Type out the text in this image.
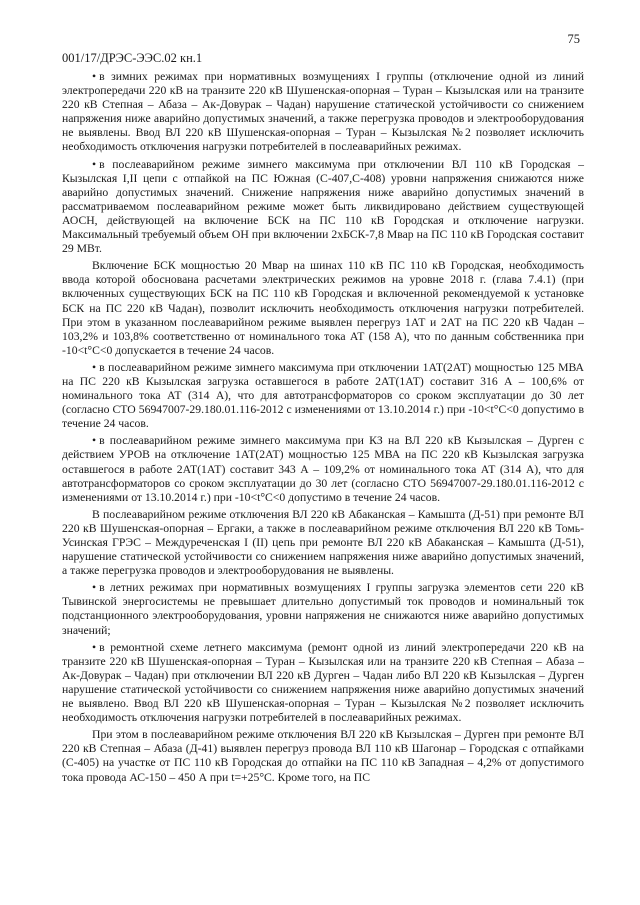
75
001/17/ДРЭС-ЭЭС.02 кн.1

• в зимних режимах при нормативных возмущениях I группы (отключение одной из линий электропередачи 220 кВ на транзите 220 кВ Шушенская-опорная – Туран – Кызылская или на транзите 220 кВ Степная – Абаза – Ак-Довурак – Чадан) нарушение статической устойчивости со снижением напряжения ниже аварийно допустимых значений, а также перегрузка проводов и электрооборудования не выявлены. Ввод ВЛ 220 кВ Шушенская-опорная – Туран – Кызылская №2 позволяет исключить необходимость отключения нагрузки потребителей в послеаварийных режимах.

• в послеаварийном режиме зимнего максимума при отключении ВЛ 110 кВ Городская – Кызылская I,II цепи с отпайкой на ПС Южная (С-407,С-408) уровни напряжения снижаются ниже аварийно допустимых значений. Снижение напряжения ниже аварийно допустимых значений в рассматриваемом послеаварийном режиме может быть ликвидировано действием существующей АОСН, действующей на включение БСК на ПС 110 кВ Городская и отключение нагрузки. Максимальный требуемый объем ОН при включении 2хБСК-7,8 Мвар на ПС 110 кВ Городская составит 29 МВт.

Включение БСК мощностью 20 Мвар на шинах 110 кВ ПС 110 кВ Городская, необходимость ввода которой обоснована расчетами электрических режимов на уровне 2018 г. (глава 7.4.1) (при включенных существующих БСК на ПС 110 кВ Городская и включенной рекомендуемой к установке БСК на ПС 220 кВ Чадан), позволит исключить необходимость отключения нагрузки потребителей. При этом в указанном послеаварийном режиме выявлен перегруз 1АТ и 2АТ на ПС 220 кВ Чадан – 103,2% и 103,8% соответственно от номинального тока АТ (158 А), что по данным собственника при -10<t°C<0 допускается в течение 24 часов.

• в послеаварийном режиме зимнего максимума при отключении 1АТ(2АТ) мощностью 125 МВА на ПС 220 кВ Кызылская загрузка оставшегося в работе 2АТ(1АТ) составит 316 А – 100,6% от номинального тока АТ (314 А), что для автотрансформаторов со сроком эксплуатации до 30 лет (согласно СТО 56947007-29.180.01.116-2012 с изменениями от 13.10.2014 г.) при -10<t°C<0 допустимо в течение 24 часов.

• в послеаварийном режиме зимнего максимума при КЗ на ВЛ 220 кВ Кызылская – Дурген с действием УРОВ на отключение 1АТ(2АТ) мощностью 125 МВА на ПС 220 кВ Кызылская загрузка оставшегося в работе 2АТ(1АТ) составит 343 А – 109,2% от номинального тока АТ (314 А), что для автотрансформаторов со сроком эксплуатации до 30 лет (согласно СТО 56947007-29.180.01.116-2012 с изменениями от 13.10.2014 г.) при -10<t°C<0 допустимо в течение 24 часов.

В послеаварийном режиме отключения ВЛ 220 кВ Абаканская – Камышта (Д-51) при ремонте ВЛ 220 кВ Шушенская-опорная – Ергаки, а также в послеаварийном режиме отключения ВЛ 220 кВ Томь-Усинская ГРЭС – Междуреченская I (II) цепь при ремонте ВЛ 220 кВ Абаканская – Камышта (Д-51), нарушение статической устойчивости со снижением напряжения ниже аварийно допустимых значений, а также перегрузка проводов и электрооборудования не выявлены.

• в летних режимах при нормативных возмущениях I группы загрузка элементов сети 220 кВ Тывинской энергосистемы не превышает длительно допустимый ток проводов и номинальный ток подстанционного электрооборудования, уровни напряжения не снижаются ниже аварийно допустимых значений;

• в ремонтной схеме летнего максимума (ремонт одной из линий электропередачи 220 кВ на транзите 220 кВ Шушенская-опорная – Туран – Кызылская или на транзите 220 кВ Степная – Абаза – Ак-Довурак – Чадан) при отключении ВЛ 220 кВ Дурген – Чадан либо ВЛ 220 кВ Кызылская – Дурген нарушение статической устойчивости со снижением напряжения ниже аварийно допустимых значений не выявлено. Ввод ВЛ 220 кВ Шушенская-опорная – Туран – Кызылская №2 позволяет исключить необходимость отключения нагрузки потребителей в послеаварийных режимах.

При этом в послеаварийном режиме отключения ВЛ 220 кВ Кызылская – Дурген при ремонте ВЛ 220 кВ Степная – Абаза (Д-41) выявлен перегруз провода ВЛ 110 кВ Шагонар – Городская с отпайками (С-405) на участке от ПС 110 кВ Городская до отпайки на ПС 110 кВ Западная – 4,2% от допустимого тока провода АС-150 – 450 А при t=+25°С. Кроме того, на ПС
